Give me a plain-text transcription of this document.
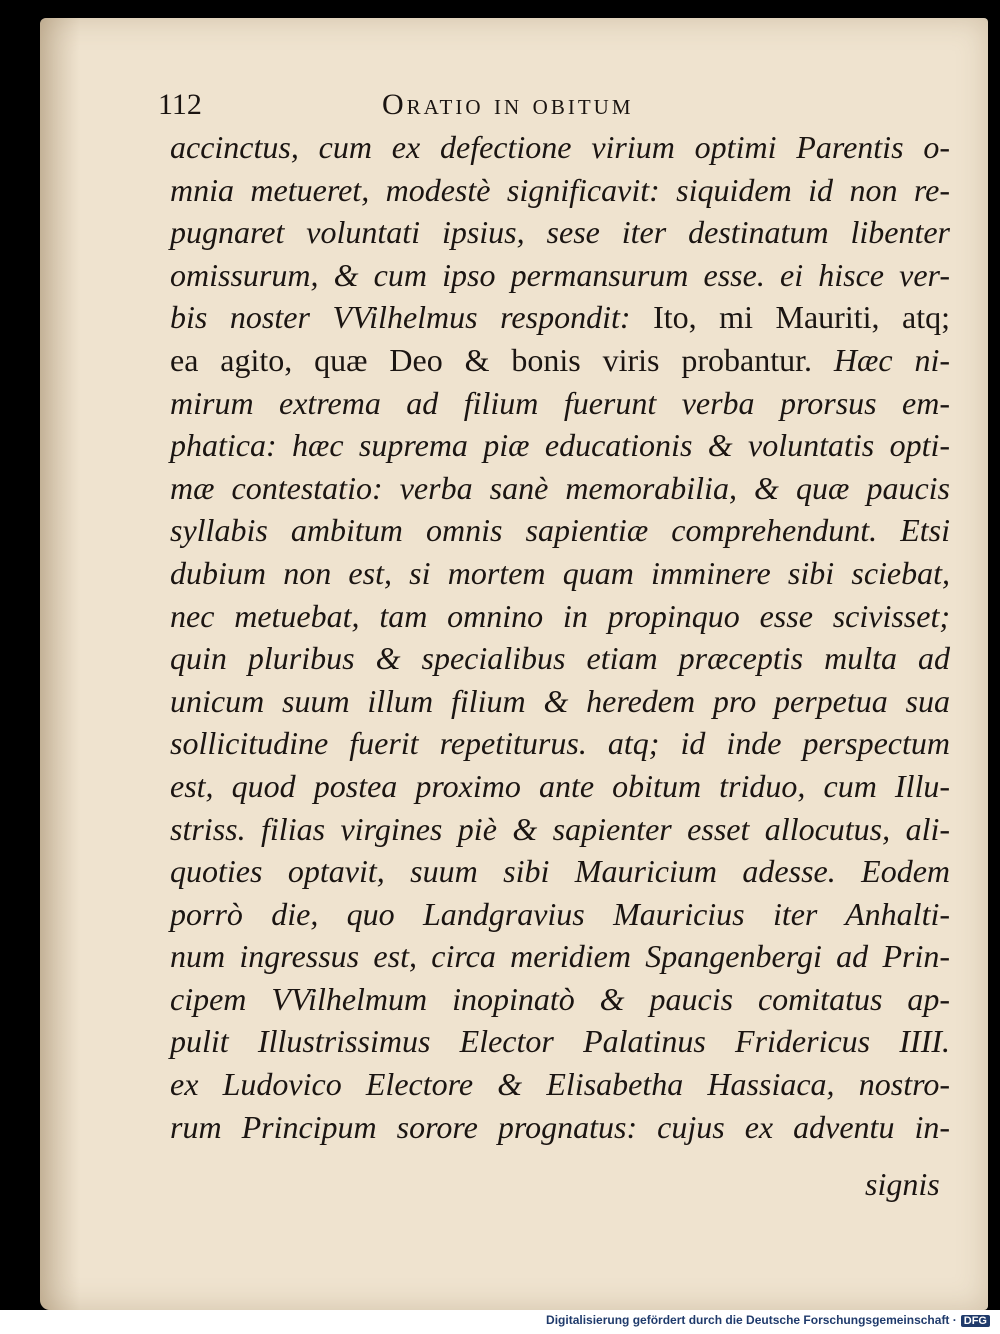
112	Oratio in obitum
accinctus, cum ex defectione virium optimi Parentis o-
mnia metueret, modestè significavit: siquidem id non re-
pugnaret voluntati ipsius, sese iter destinatum libenter
omissurum, & cum ipso permansurum esse. ei hisce ver-
bis noster VVilhelmus respondit: Ito, mi Mauriti, atq;
ea agito, quæ Deo & bonis viris probantur. Hæc ni-
mirum extrema ad filium fuerunt verba prorsus em-
phatica: hæc suprema piæ educationis & voluntatis opti-
mæ contestatio: verba sanè memorabilia, & quæ paucis
syllabis ambitum omnis sapientiæ comprehendunt. Etsi
dubium non est, si mortem quam imminere sibi sciebat,
nec metuebat, tam omnino in propinquo esse scivisset;
quin pluribus & specialibus etiam præceptis multa ad
unicum suum illum filium & heredem pro perpetua sua
sollicitudine fuerit repetiturus. atq; id inde perspectum
est, quod postea proximo ante obitum triduo, cum Illu-
striss. filias virgines piè & sapienter esset allocutus, ali-
quoties optavit, suum sibi Mauricium adesse. Eodem
porrò die, quo Landgravius Mauricius iter Anhalti-
num ingressus est, circa meridiem Spangenbergi ad Prin-
cipem VVilhelmum inopinatò & paucis comitatus ap-
pulit Illustrissimus Elector Palatinus Fridericus IIII.
ex Ludovico Electore & Elisabetha Hassiaca, nostro-
rum Principum sorore prognatus: cujus ex adventu in-
signis
Digitalisierung gefördert durch die Deutsche Forschungsgemeinschaft · DFG
